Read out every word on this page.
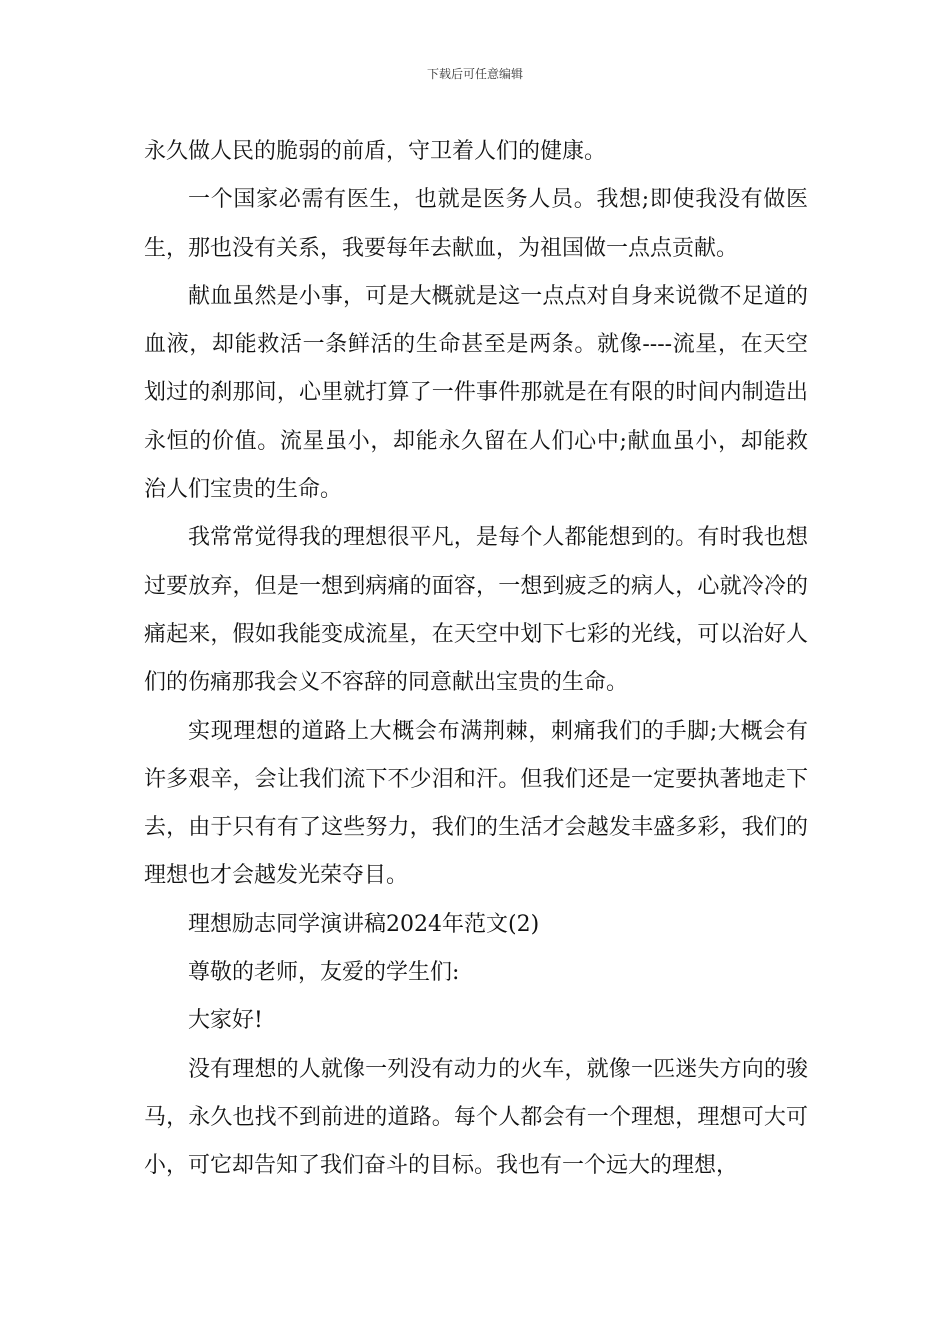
下载后可任意编辑

永久做人民的脆弱的前盾，守卫着人们的健康。

一个国家必需有医生，也就是医务人员。我想;即使我没有做医生，那也没有关系，我要每年去献血，为祖国做一点点贡献。

献血虽然是小事，可是大概就是这一点点对自身来说微不足道的血液，却能救活一条鲜活的生命甚至是两条。就像----流星，在天空划过的刹那间，心里就打算了一件事件那就是在有限的时间内制造出永恒的价值。流星虽小，却能永久留在人们心中;献血虽小，却能救治人们宝贵的生命。

我常常觉得我的理想很平凡，是每个人都能想到的。有时我也想过要放弃，但是一想到病痛的面容，一想到疲乏的病人，心就冷冷的痛起来，假如我能变成流星，在天空中划下七彩的光线，可以治好人们的伤痛那我会义不容辞的同意献出宝贵的生命。

实现理想的道路上大概会布满荆棘，刺痛我们的手脚;大概会有许多艰辛，会让我们流下不少泪和汗。但我们还是一定要执著地走下去，由于只有有了这些努力，我们的生活才会越发丰盛多彩，我们的理想也才会越发光荣夺目。

理想励志同学演讲稿2024年范文(2)

尊敬的老师，友爱的学生们:

大家好!

没有理想的人就像一列没有动力的火车，就像一匹迷失方向的骏马，永久也找不到前进的道路。每个人都会有一个理想，理想可大可小，可它却告知了我们奋斗的目标。我也有一个远大的理想，
